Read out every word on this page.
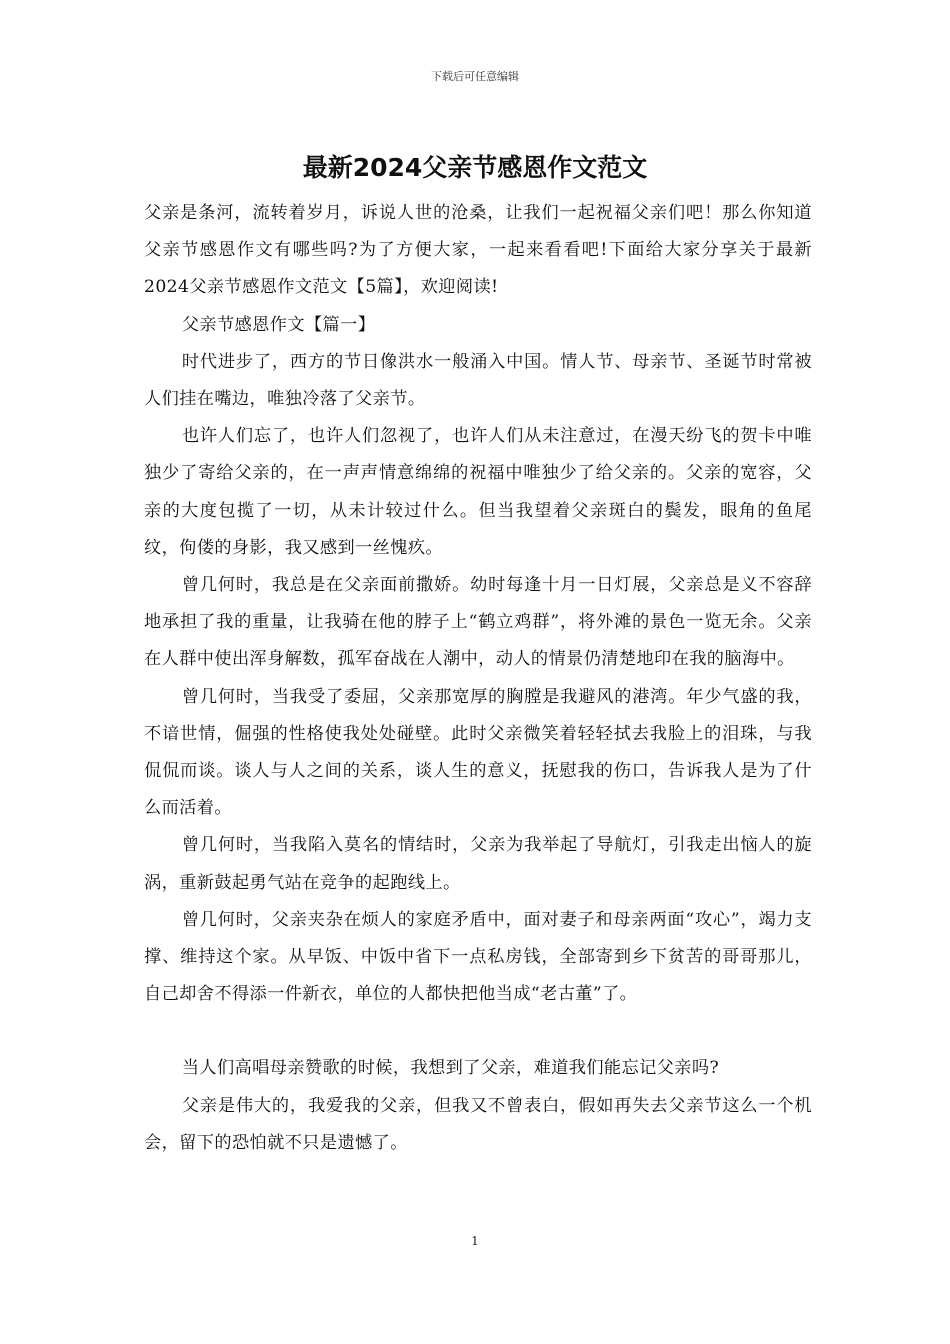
下载后可任意编辑
最新2024父亲节感恩作文范文

父亲是条河，流转着岁月，诉说人世的沧桑，让我们一起祝福父亲们吧！那么你知道父亲节感恩作文有哪些吗?为了方便大家，一起来看看吧!下面给大家分享关于最新2024父亲节感恩作文范文【5篇】，欢迎阅读!

父亲节感恩作文【篇一】

时代进步了，西方的节日像洪水一般涌入中国。情人节、母亲节、圣诞节时常被人们挂在嘴边，唯独冷落了父亲节。

也许人们忘了，也许人们忽视了，也许人们从未注意过，在漫天纷飞的贺卡中唯独少了寄给父亲的，在一声声情意绵绵的祝福中唯独少了给父亲的。父亲的宽容，父亲的大度包揽了一切，从未计较过什么。但当我望着父亲斑白的鬓发，眼角的鱼尾纹，佝偻的身影，我又感到一丝愧疚。

曾几何时，我总是在父亲面前撒娇。幼时每逢十月一日灯展，父亲总是义不容辞地承担了我的重量，让我骑在他的脖子上“鹤立鸡群”，将外滩的景色一览无余。父亲在人群中使出浑身解数，孤军奋战在人潮中，动人的情景仍清楚地印在我的脑海中。

曾几何时，当我受了委屈，父亲那宽厚的胸膛是我避风的港湾。年少气盛的我，不谙世情，倔强的性格使我处处碰壁。此时父亲微笑着轻轻拭去我脸上的泪珠，与我侃侃而谈。谈人与人之间的关系，谈人生的意义，抚慰我的伤口，告诉我人是为了什么而活着。

曾几何时，当我陷入莫名的情结时，父亲为我举起了导航灯，引我走出恼人的旋涡，重新鼓起勇气站在竞争的起跑线上。

曾几何时，父亲夹杂在烦人的家庭矛盾中，面对妻子和母亲两面“攻心”，竭力支撑、维持这个家。从早饭、中饭中省下一点私房钱，全部寄到乡下贫苦的哥哥那儿，自己却舍不得添一件新衣，单位的人都快把他当成“老古董”了。

当人们高唱母亲赞歌的时候，我想到了父亲，难道我们能忘记父亲吗?

父亲是伟大的，我爱我的父亲，但我又不曾表白，假如再失去父亲节这么一个机会，留下的恐怕就不只是遗憾了。

1
